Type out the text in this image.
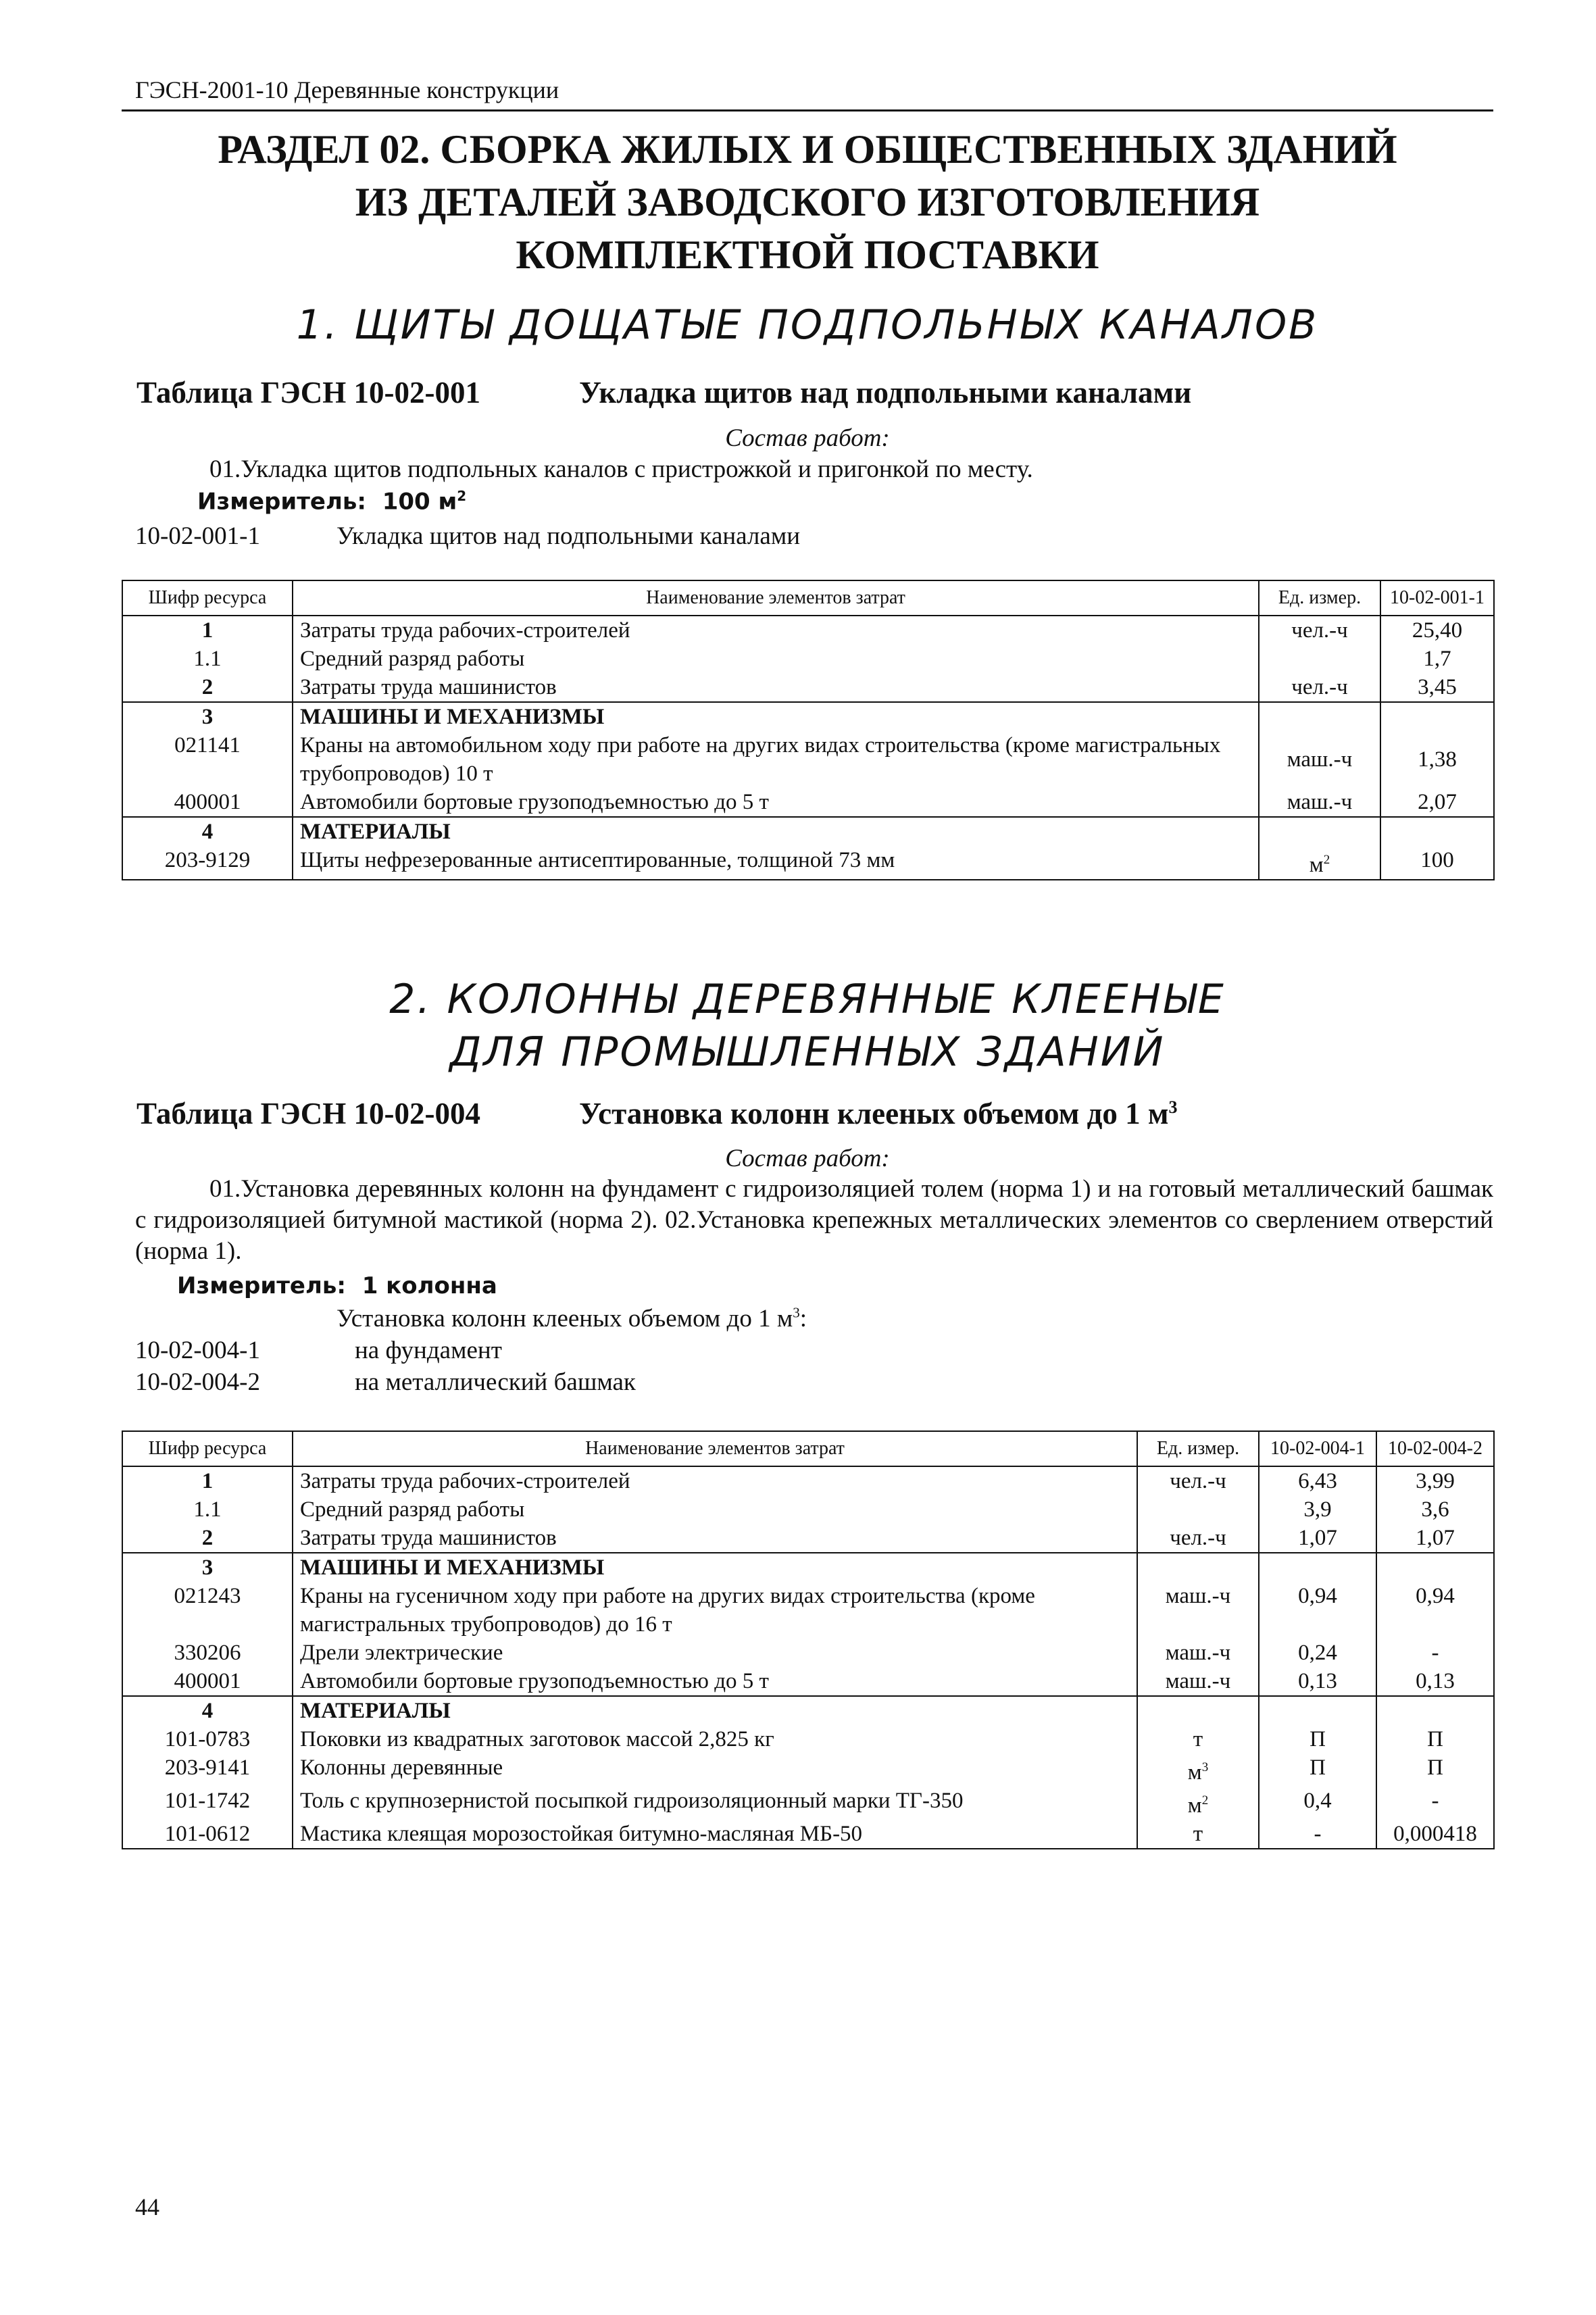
ГЭСН-2001-10 Деревянные конструкции
РАЗДЕЛ 02. СБОРКА ЖИЛЫХ И ОБЩЕСТВЕННЫХ ЗДАНИЙ
ИЗ ДЕТАЛЕЙ ЗАВОДСКОГО ИЗГОТОВЛЕНИЯ
КОМПЛЕКТНОЙ ПОСТАВКИ
1. ЩИТЫ ДОЩАТЫЕ ПОДПОЛЬНЫХ КАНАЛОВ
Таблица ГЭСН 10-02-001	Укладка щитов над подпольными каналами
Состав работ:
01.Укладка щитов подпольных каналов с пристрожкой и пригонкой по месту.
Измеритель: 100 $м^2$
10-02-001-1	Укладка щитов над подпольными каналами
Шифр ресурса	Наименование элементов затрат	Ед. измер.	10-02-001-1
1	Затраты труда рабочих-строителей	чел.-ч	25,40
1.1	Средний разряд работы		1,7
2	Затраты труда машинистов	чел.-ч	3,45
3	МАШИНЫ И МЕХАНИЗМЫ		
021141	Краны на автомобильном ходу при работе на других видах строительства (кроме магистральных трубопроводов) 10 т	маш.-ч	1,38
400001	Автомобили бортовые грузоподъемностью до 5 т	маш.-ч	2,07
4	МАТЕРИАЛЫ		
203-9129	Щиты нефрезерованные антисептированные, толщиной 73 мм	$м^2$	100
2. КОЛОННЫ ДЕРЕВЯННЫЕ КЛЕЕНЫЕ
ДЛЯ ПРОМЫШЛЕННЫХ ЗДАНИЙ
Таблица ГЭСН 10-02-004	Установка колонн клееных объемом до 1 $м^3$
Состав работ:
01.Установка деревянных колонн на фундамент с гидроизоляцией толем (норма 1) и на готовый металлический башмак с гидроизоляцией битумной мастикой (норма 2). 02.Установка крепежных металлических элементов со сверлением отверстий (норма 1).
Измеритель: 1 колонна
Установка колонн клееных объемом до 1 $м^3$:
10-02-004-1	на фундамент
10-02-004-2	на металлический башмак
Шифр ресурса	Наименование элементов затрат	Ед. измер.	10-02-004-1	10-02-004-2
1	Затраты труда рабочих-строителей	чел.-ч	6,43	3,99
1.1	Средний разряд работы		3,9	3,6
2	Затраты труда машинистов	чел.-ч	1,07	1,07
3	МАШИНЫ И МЕХАНИЗМЫ			
021243	Краны на гусеничном ходу при работе на других видах строительства (кроме магистральных трубопроводов) до 16 т	маш.-ч	0,94	0,94
330206	Дрели электрические	маш.-ч	0,24	-
400001	Автомобили бортовые грузоподъемностью до 5 т	маш.-ч	0,13	0,13
4	МАТЕРИАЛЫ			
101-0783	Поковки из квадратных заготовок массой 2,825 кг	т	П	П
203-9141	Колонны деревянные	$м^3$	П	П
101-1742	Толь с крупнозернистой посыпкой гидроизоляционный марки ТГ-350	$м^2$	0,4	-
101-0612	Мастика клеящая морозостойкая битумно-масляная МБ-50	т	-	0,000418
44
